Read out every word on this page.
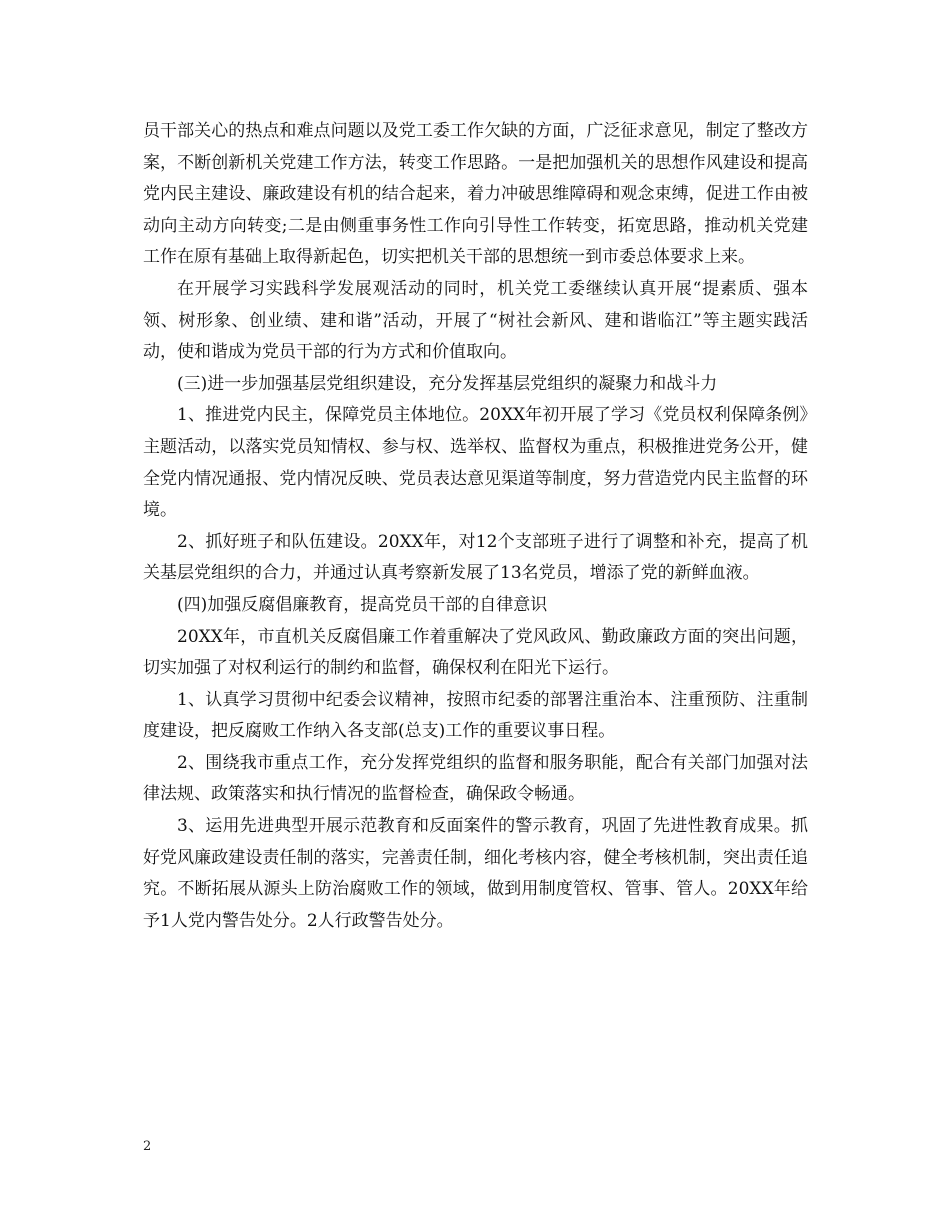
员干部关心的热点和难点问题以及党工委工作欠缺的方面，广泛征求意见，制定了整改方案，不断创新机关党建工作方法，转变工作思路。一是把加强机关的思想作风建设和提高党内民主建设、廉政建设有机的结合起来，着力冲破思维障碍和观念束缚，促进工作由被动向主动方向转变;二是由侧重事务性工作向引导性工作转变，拓宽思路，推动机关党建工作在原有基础上取得新起色，切实把机关干部的思想统一到市委总体要求上来。

在开展学习实践科学发展观活动的同时，机关党工委继续认真开展“提素质、强本领、树形象、创业绩、建和谐”活动，开展了“树社会新风、建和谐临江”等主题实践活动，使和谐成为党员干部的行为方式和价值取向。

(三)进一步加强基层党组织建设，充分发挥基层党组织的凝聚力和战斗力

1、推进党内民主，保障党员主体地位。20XX年初开展了学习《党员权利保障条例》主题活动，以落实党员知情权、参与权、选举权、监督权为重点，积极推进党务公开，健全党内情况通报、党内情况反映、党员表达意见渠道等制度，努力营造党内民主监督的环境。

2、抓好班子和队伍建设。20XX年，对12个支部班子进行了调整和补充，提高了机关基层党组织的合力，并通过认真考察新发展了13名党员，增添了党的新鲜血液。

(四)加强反腐倡廉教育，提高党员干部的自律意识

20XX年，市直机关反腐倡廉工作着重解决了党风政风、勤政廉政方面的突出问题，切实加强了对权利运行的制约和监督，确保权利在阳光下运行。

1、认真学习贯彻中纪委会议精神，按照市纪委的部署注重治本、注重预防、注重制度建设，把反腐败工作纳入各支部(总支)工作的重要议事日程。

2、围绕我市重点工作，充分发挥党组织的监督和服务职能，配合有关部门加强对法律法规、政策落实和执行情况的监督检查，确保政令畅通。

3、运用先进典型开展示范教育和反面案件的警示教育，巩固了先进性教育成果。抓好党风廉政建设责任制的落实，完善责任制，细化考核内容，健全考核机制，突出责任追究。不断拓展从源头上防治腐败工作的领域，做到用制度管权、管事、管人。20XX年给予1人党内警告处分。2人行政警告处分。

2
